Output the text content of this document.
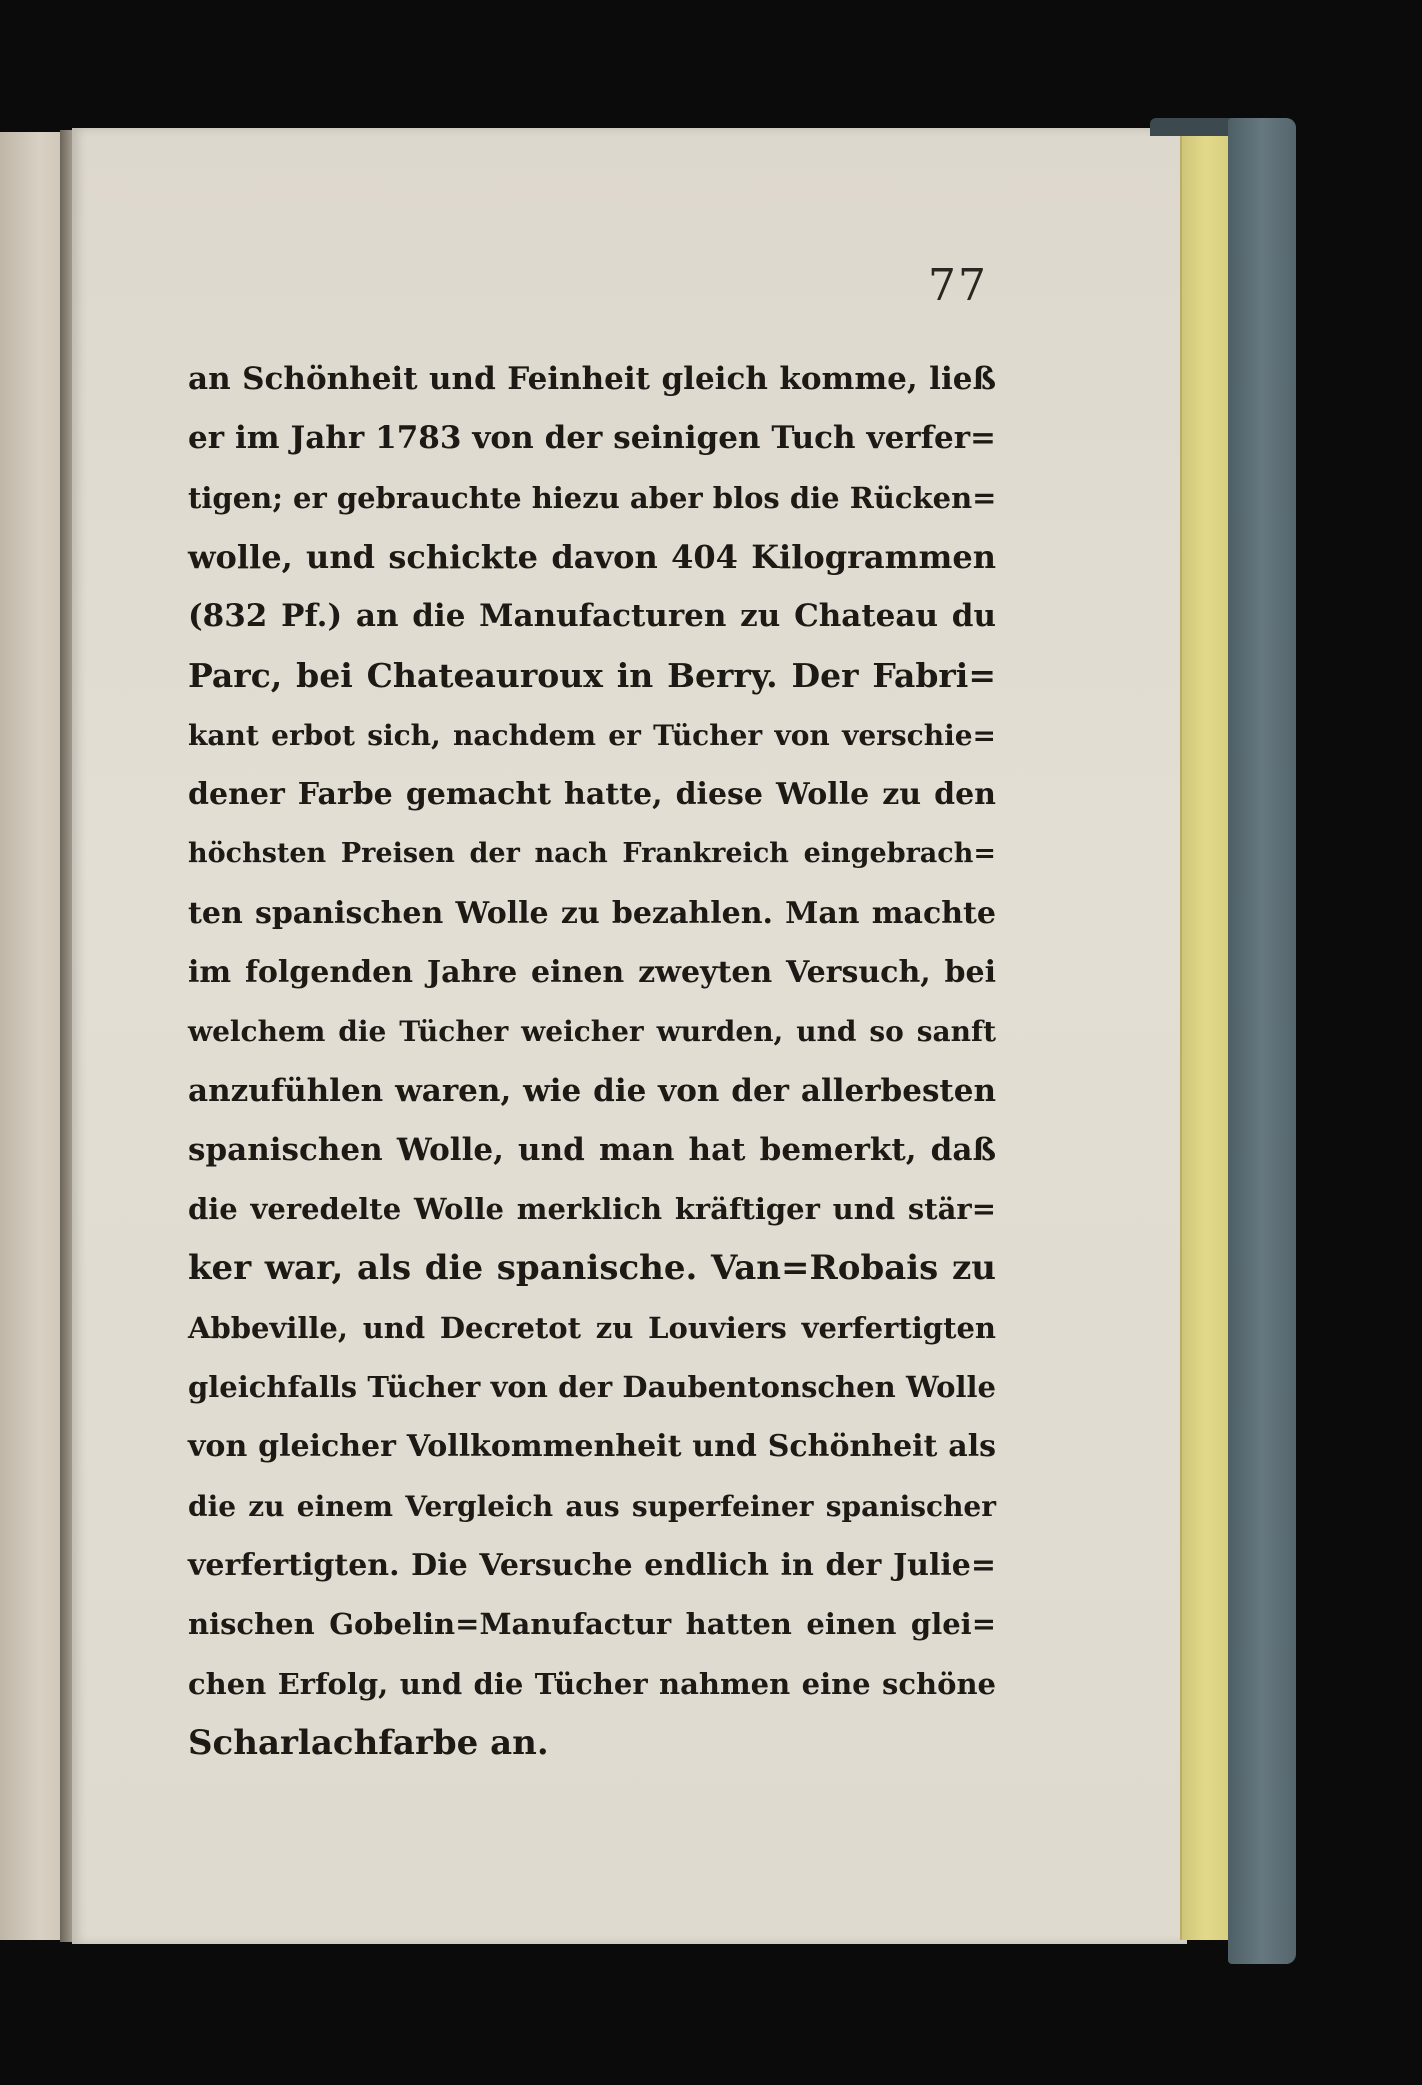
77
an Schönheit und Feinheit gleich komme, ließ
er im Jahr 1783 von der seinigen Tuch verfer=
tigen; er gebrauchte hiezu aber blos die Rücken=
wolle, und schickte davon 404 Kilogrammen
(832 Pf.) an die Manufacturen zu Chateau du
Parc, bei Chateauroux in Berry. Der Fabri=
kant erbot sich, nachdem er Tücher von verschie=
dener Farbe gemacht hatte, diese Wolle zu den
höchsten Preisen der nach Frankreich eingebrach=
ten spanischen Wolle zu bezahlen. Man machte
im folgenden Jahre einen zweyten Versuch, bei
welchem die Tücher weicher wurden, und so sanft
anzufühlen waren, wie die von der allerbesten
spanischen Wolle, und man hat bemerkt, daß
die veredelte Wolle merklich kräftiger und stär=
ker war, als die spanische. Van=Robais zu
Abbeville, und Decretot zu Louviers verfertigten
gleichfalls Tücher von der Daubentonschen Wolle
von gleicher Vollkommenheit und Schönheit als
die zu einem Vergleich aus superfeiner spanischer
verfertigten. Die Versuche endlich in der Julie=
nischen Gobelin=Manufactur hatten einen glei=
chen Erfolg, und die Tücher nahmen eine schöne
Scharlachfarbe an.
